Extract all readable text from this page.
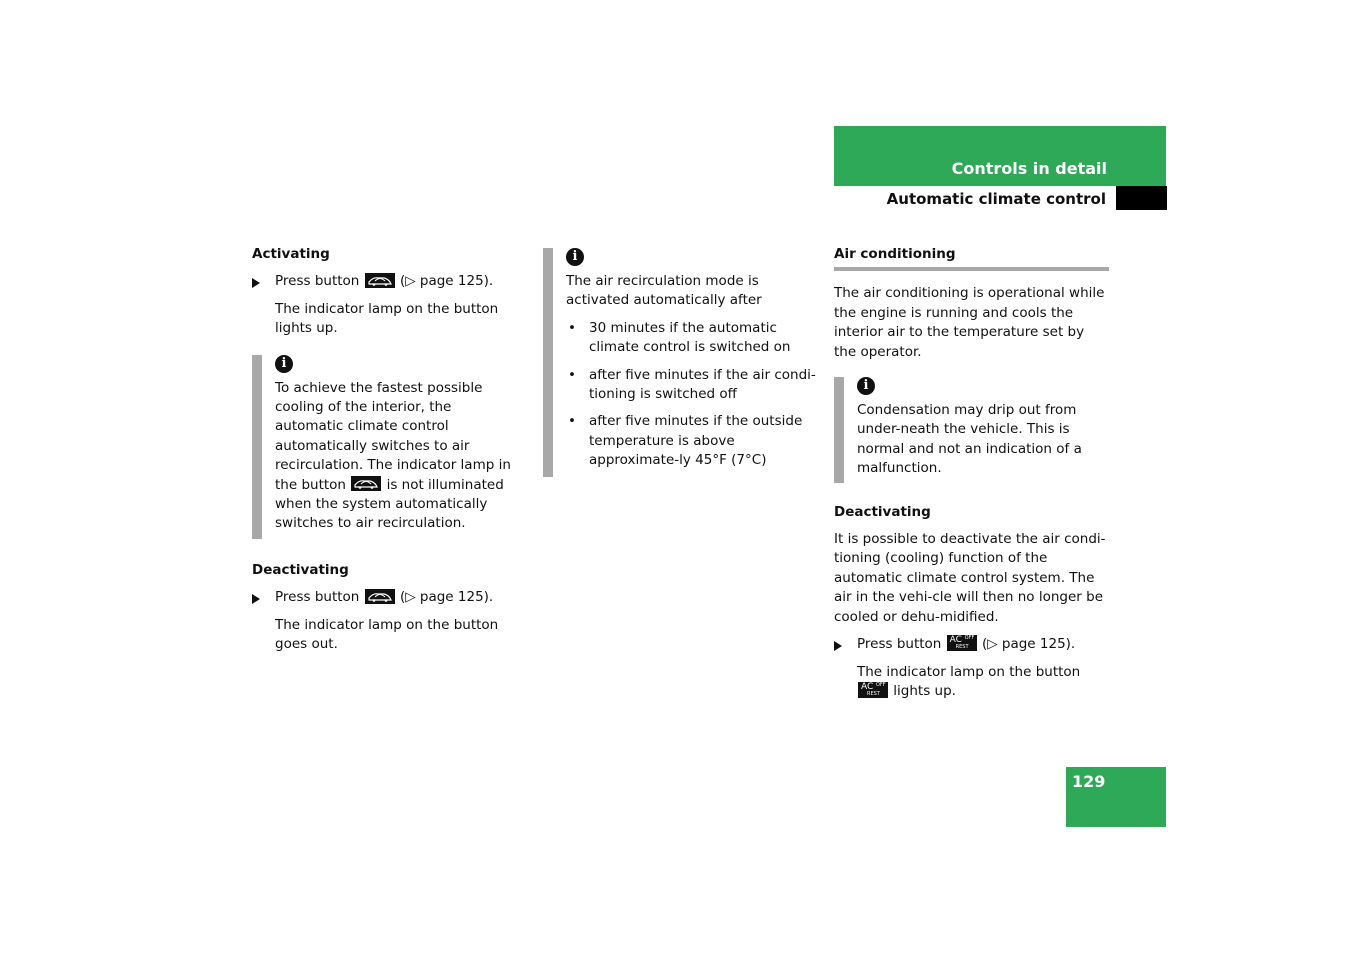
Controls in detail
Automatic climate control

Activating

Press button	(▷ page 125).

The indicator lamp on the button lights up.

i

To achieve the fastest possible cooling of the interior, the automatic climate control automatically switches to air recirculation. The indicator lamp in the button	is not illuminated when the system automatically switches to air recirculation.

Deactivating

Press button	(▷ page 125).

The indicator lamp on the button goes out.

i

The air recirculation mode is activated automatically after

• 30 minutes if the automatic climate control is switched on
• after five minutes if the air condi-tioning is switched off
• after five minutes if the outside temperature is above approximate-ly 45°F (7°C)

Air conditioning

The air conditioning is operational while the engine is running and cools the interior air to the temperature set by the operator.

i

Condensation may drip out from under-neath the vehicle. This is normal and not an indication of a malfunction.

Deactivating

It is possible to deactivate the air condi-tioning (cooling) function of the automatic climate control system. The air in the vehi-cle will then no longer be cooled or dehu-midified.

Press button AC OFF
REST (▷ page 125).

The indicator lamp on the button
AC OFF
REST lights up.

129
